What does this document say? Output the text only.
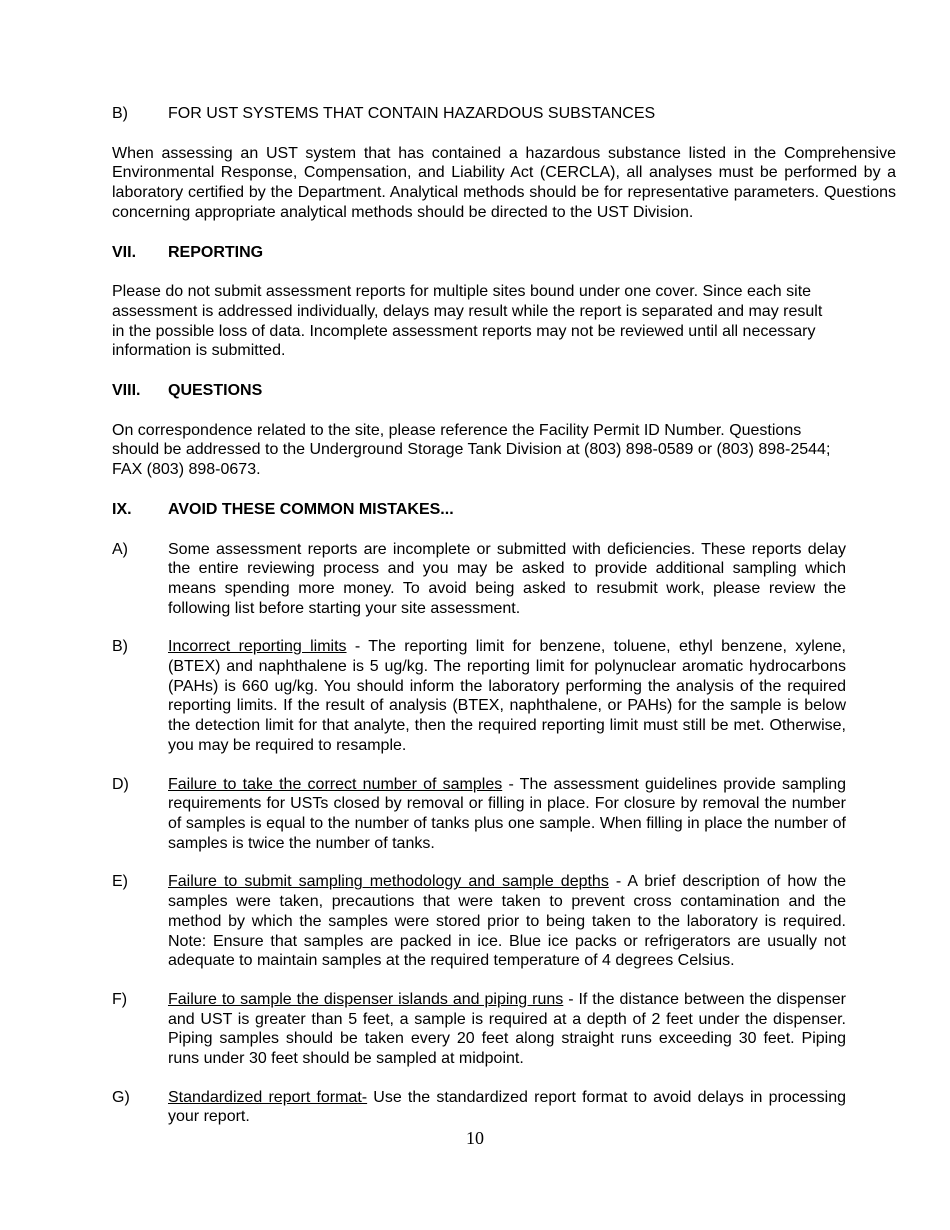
B)	FOR UST SYSTEMS THAT CONTAIN HAZARDOUS SUBSTANCES
When assessing an UST system that has contained a hazardous substance listed in the Comprehensive Environmental Response, Compensation, and Liability Act (CERCLA), all analyses must be performed by a laboratory certified by the Department. Analytical methods should be for representative parameters. Questions concerning appropriate analytical methods should be directed to the UST Division.
VII.	REPORTING
Please do not submit assessment reports for multiple sites bound under one cover. Since each site assessment is addressed individually, delays may result while the report is separated and may result in the possible loss of data. Incomplete assessment reports may not be reviewed until all necessary information is submitted.
VIII.	QUESTIONS
On correspondence related to the site, please reference the Facility Permit ID Number. Questions should be addressed to the Underground Storage Tank Division at (803) 898-0589 or (803) 898-2544; FAX (803) 898-0673.
IX.	AVOID THESE COMMON MISTAKES...
A)	Some assessment reports are incomplete or submitted with deficiencies. These reports delay the entire reviewing process and you may be asked to provide additional sampling which means spending more money. To avoid being asked to resubmit work, please review the following list before starting your site assessment.
B)	Incorrect reporting limits - The reporting limit for benzene, toluene, ethyl benzene, xylene, (BTEX) and naphthalene is 5 ug/kg. The reporting limit for polynuclear aromatic hydrocarbons (PAHs) is 660 ug/kg. You should inform the laboratory performing the analysis of the required reporting limits. If the result of analysis (BTEX, naphthalene, or PAHs) for the sample is below the detection limit for that analyte, then the required reporting limit must still be met. Otherwise, you may be required to resample.
D)	Failure to take the correct number of samples - The assessment guidelines provide sampling requirements for USTs closed by removal or filling in place. For closure by removal the number of samples is equal to the number of tanks plus one sample. When filling in place the number of samples is twice the number of tanks.
E)	Failure to submit sampling methodology and sample depths - A brief description of how the samples were taken, precautions that were taken to prevent cross contamination and the method by which the samples were stored prior to being taken to the laboratory is required. Note: Ensure that samples are packed in ice. Blue ice packs or refrigerators are usually not adequate to maintain samples at the required temperature of 4 degrees Celsius.
F)	Failure to sample the dispenser islands and piping runs - If the distance between the dispenser and UST is greater than 5 feet, a sample is required at a depth of 2 feet under the dispenser. Piping samples should be taken every 20 feet along straight runs exceeding 30 feet. Piping runs under 30 feet should be sampled at midpoint.
G)	Standardized report format- Use the standardized report format to avoid delays in processing your report.
10
